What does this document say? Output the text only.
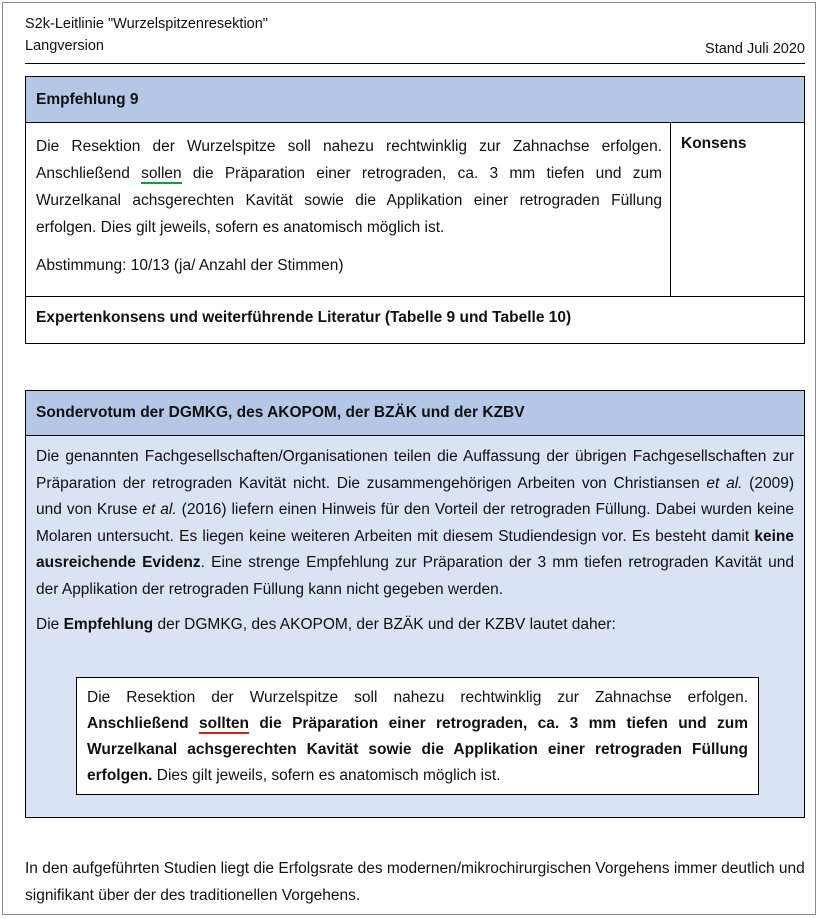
S2k-Leitlinie "Wurzelspitzenresektion"
Langversion	Stand Juli 2020
Empfehlung 9
Die Resektion der Wurzelspitze soll nahezu rechtwinklig zur Zahnachse erfolgen. Anschließend sollen die Präparation einer retrograden, ca. 3 mm tiefen und zum Wurzelkanal achsgerechten Kavität sowie die Applikation einer retrograden Füllung erfolgen. Dies gilt jeweils, sofern es anatomisch möglich ist.
Abstimmung: 10/13 (ja/ Anzahl der Stimmen)
Konsens
Expertenkonsens und weiterführende Literatur (Tabelle 9 und Tabelle 10)
Sondervotum der DGMKG, des AKOPOM, der BZÄK und der KZBV
Die genannten Fachgesellschaften/Organisationen teilen die Auffassung der übrigen Fachgesellschaften zur Präparation der retrograden Kavität nicht. Die zusammengehörigen Arbeiten von Christiansen et al. (2009) und von Kruse et al. (2016) liefern einen Hinweis für den Vorteil der retrograden Füllung. Dabei wurden keine Molaren untersucht. Es liegen keine weiteren Arbeiten mit diesem Studiendesign vor. Es besteht damit keine ausreichende Evidenz. Eine strenge Empfehlung zur Präparation der 3 mm tiefen retrograden Kavität und der Applikation der retrograden Füllung kann nicht gegeben werden.
Die Empfehlung der DGMKG, des AKOPOM, der BZÄK und der KZBV lautet daher:
Die Resektion der Wurzelspitze soll nahezu rechtwinklig zur Zahnachse erfolgen. Anschließend sollten die Präparation einer retrograden, ca. 3 mm tiefen und zum Wurzelkanal achsgerechten Kavität sowie die Applikation einer retrograden Füllung erfolgen. Dies gilt jeweils, sofern es anatomisch möglich ist.
In den aufgeführten Studien liegt die Erfolgsrate des modernen/mikrochirurgischen Vorgehens immer deutlich und signifikant über der des traditionellen Vorgehens.
